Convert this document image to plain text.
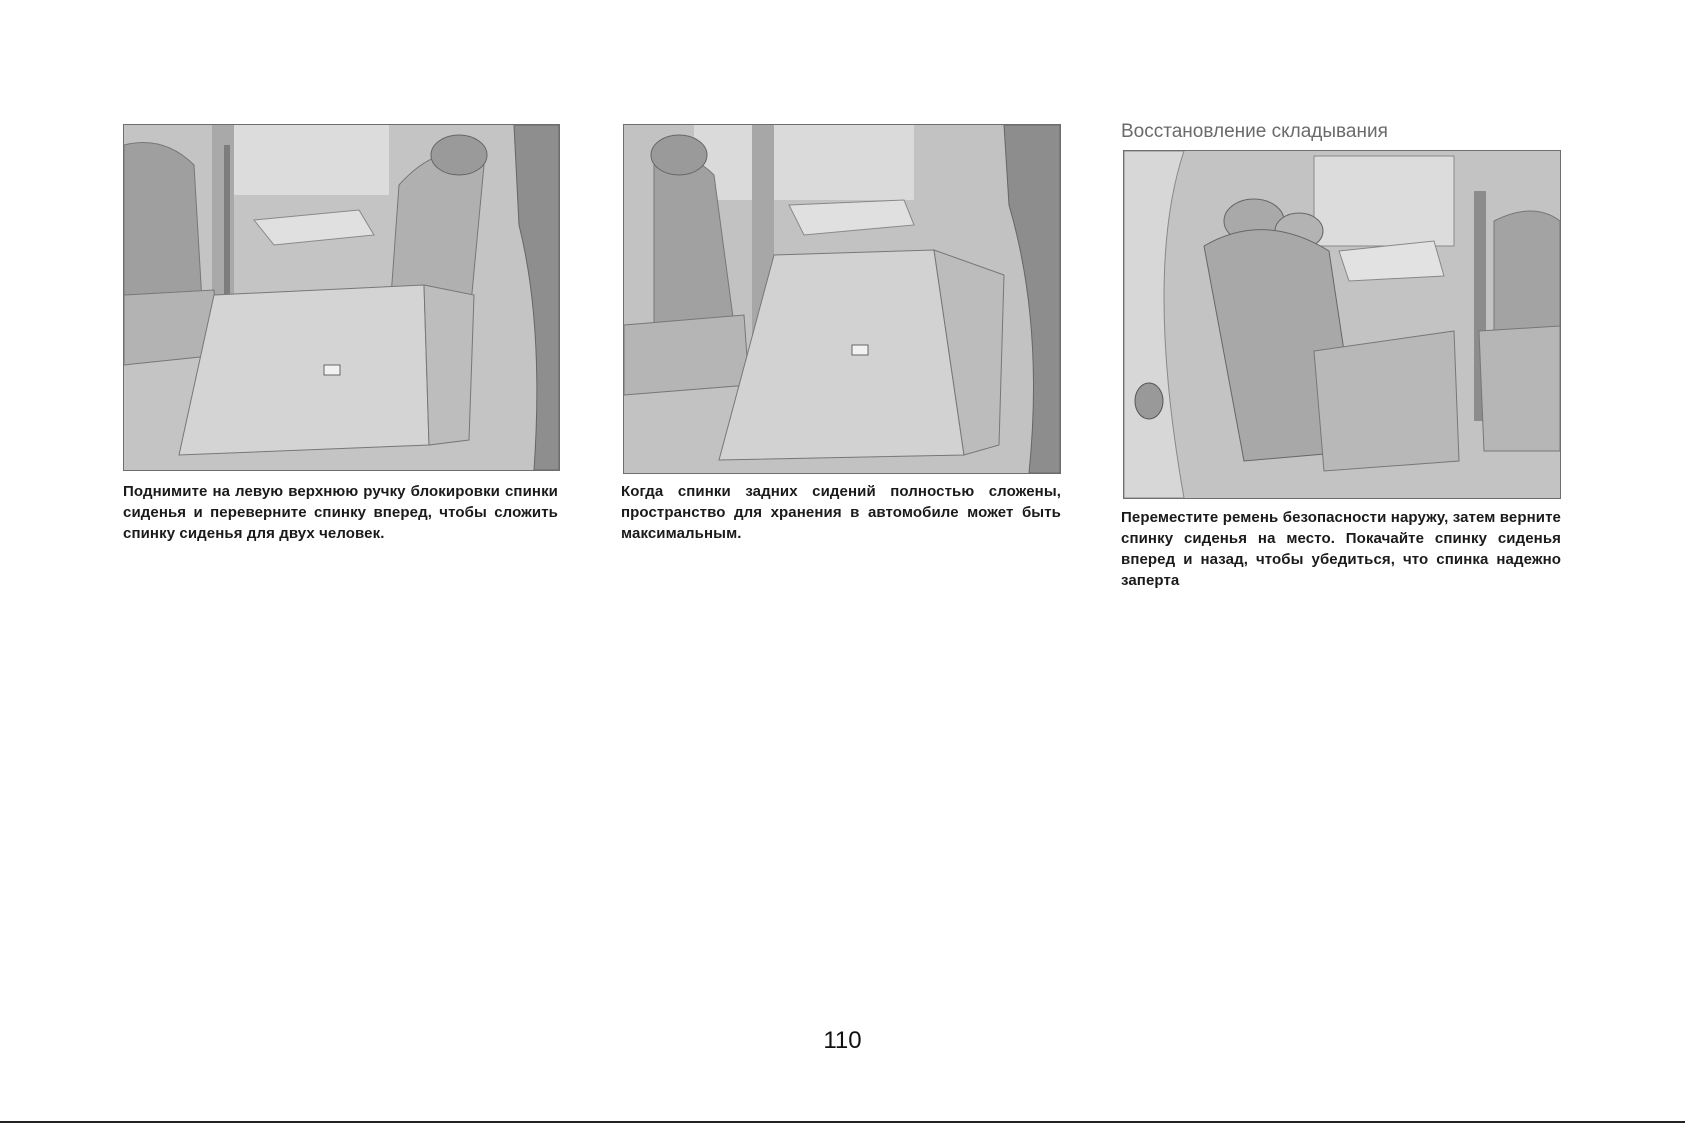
Поднимите на левую верхнюю ручку блокировки спинки сиденья и переверните спинку вперед, чтобы сложить спинку сиденья для двух человек.
Когда спинки задних сидений полностью сложены, пространство для хранения в автомобиле может быть максимальным.
Восстановление складывания
Переместите ремень безопасности наружу, затем верните спинку сиденья на место. Покачайте спинку сиденья вперед и назад, чтобы убедиться, что спинка надежно заперта
110
